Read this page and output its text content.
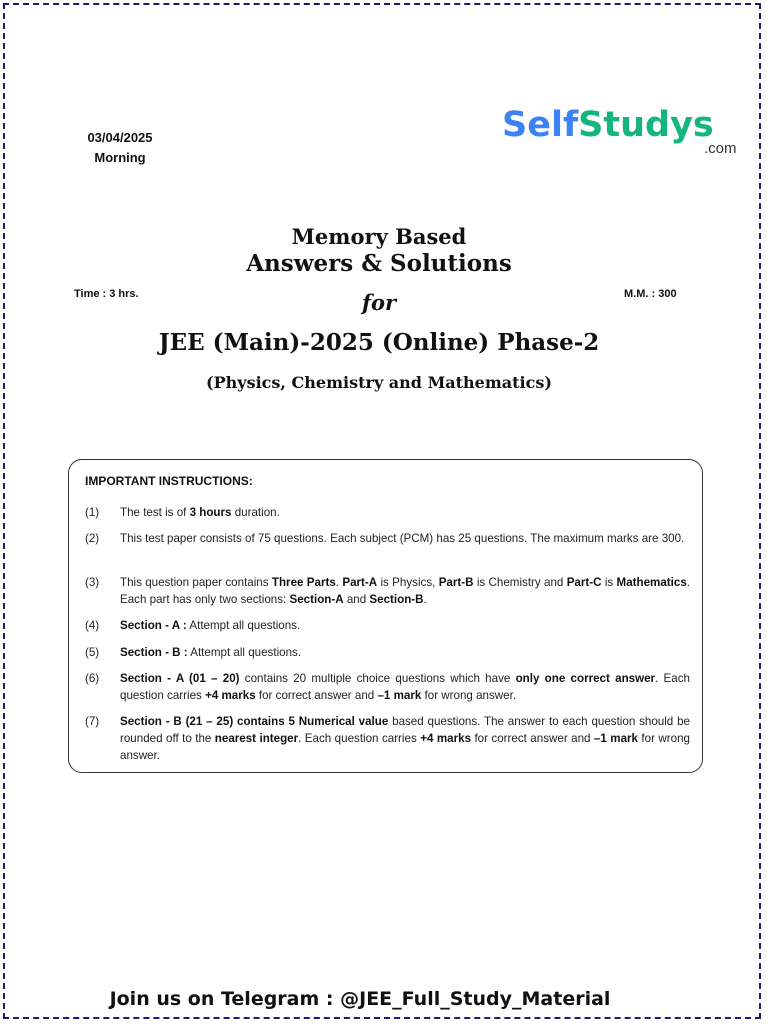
03/04/2025
Morning
SelfStudys
.com
Memory Based
Answers & Solutions
Time : 3 hrs.	for	M.M. : 300
JEE (Main)-2025 (Online) Phase-2
(Physics, Chemistry and Mathematics)
IMPORTANT INSTRUCTIONS:
(1) The test is of 3 hours duration.
(2) This test paper consists of 75 questions. Each subject (PCM) has 25 questions. The maximum marks are 300.
(3) This question paper contains Three Parts. Part-A is Physics, Part-B is Chemistry and Part-C is Mathematics. Each part has only two sections: Section-A and Section-B.
(4) Section - A : Attempt all questions.
(5) Section - B : Attempt all questions.
(6) Section - A (01 – 20) contains 20 multiple choice questions which have only one correct answer. Each question carries +4 marks for correct answer and –1 mark for wrong answer.
(7) Section - B (21 – 25) contains 5 Numerical value based questions. The answer to each question should be rounded off to the nearest integer. Each question carries +4 marks for correct answer and –1 mark for wrong answer.
Join us on Telegram : @JEE_Full_Study_Material
